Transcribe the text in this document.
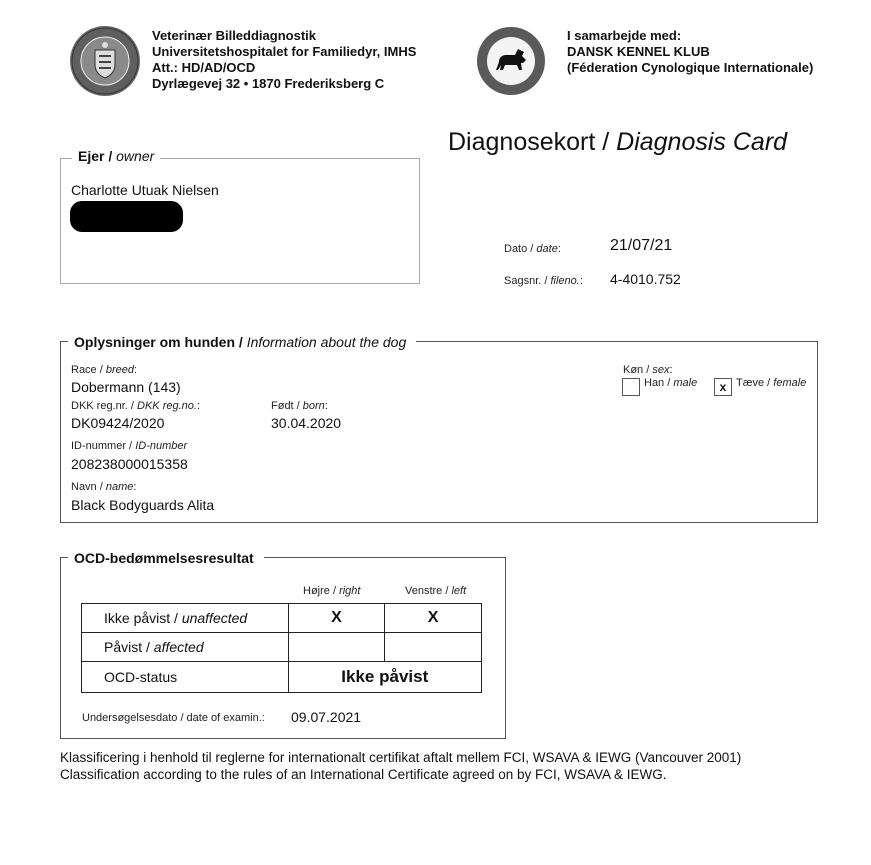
Veterinær Billeddiagnostik
Universitetshospitalet for Familiedyr, IMHS
Att.: HD/AD/OCD
Dyrlægevej 32 • 1870 Frederiksberg C
I samarbejde med:
DANSK KENNEL KLUB
(Féderation Cynologique Internationale)
Diagnosekort / Diagnosis Card
Ejer / owner
Charlotte Utuak Nielsen
Dato / date:	21/07/21
Sagsnr. / fileno.: 4-4010.752
Oplysninger om hunden / Information about the dog
Race / breed:
Dobermann (143)
DKK reg.nr. / DKK reg.no.:
DK09424/2020
Født / born:
30.04.2020
ID-nummer / ID-number
208238000015358
Navn / name:
Black Bodyguards Alita
Køn / sex:
Han / male	x Tæve / female
OCD-bedømmelsesresultat
Højre / right	Venstre / left
Ikke påvist / unaffected	X	X
Påvist / affected		
OCD-status	Ikke påvist	
Undersøgelsesdato / date of examin.: 09.07.2021
Klassificering i henhold til reglerne for internationalt certifikat aftalt mellem FCI, WSAVA & IEWG (Vancouver 2001)
Classification according to the rules of an International Certificate agreed on by FCI, WSAVA & IEWG.
